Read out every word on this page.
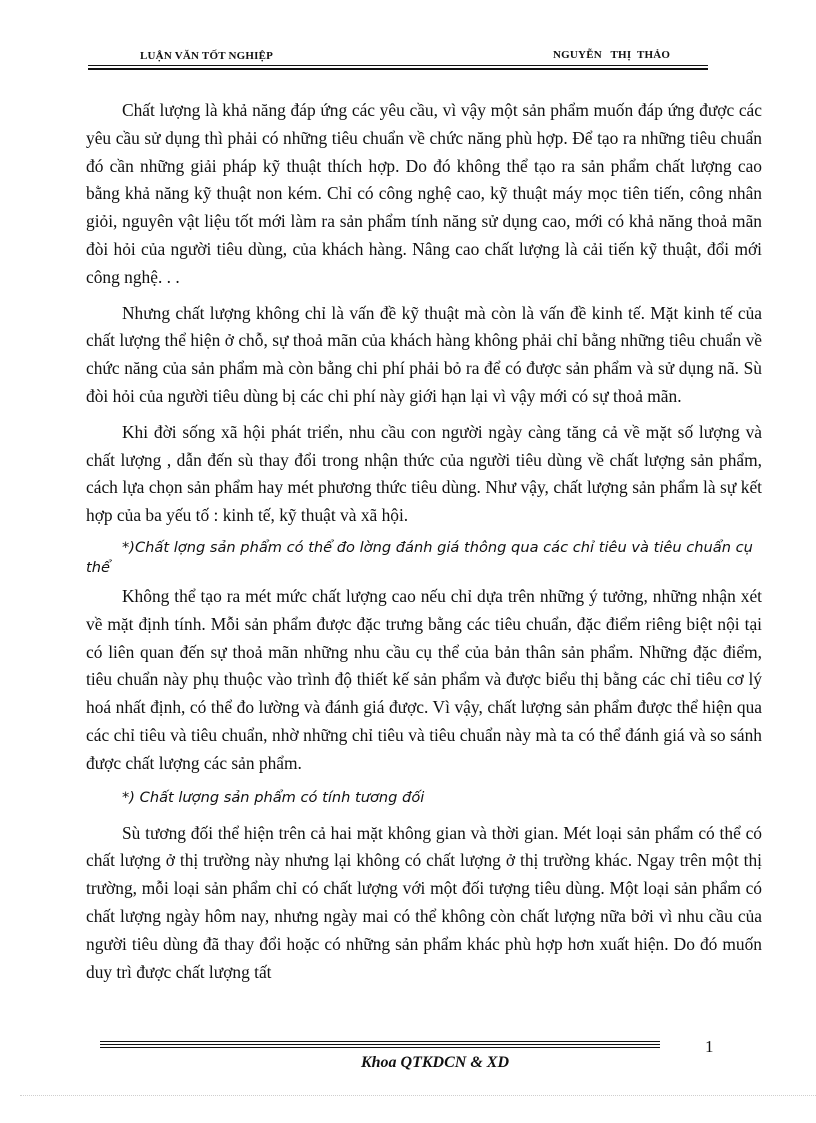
LUẬN VĂN TỐT NGHIỆP	NGUYỄN   THỊ  THẢO

Chất lượng là khả năng đáp ứng các yêu cầu, vì vậy một sản phẩm muốn đáp ứng được các yêu cầu sử dụng thì phải có những tiêu chuẩn về chức năng phù hợp. Để tạo ra những tiêu chuẩn đó cần những giải pháp kỹ thuật thích hợp. Do đó không thể tạo ra sản phẩm chất lượng cao bằng khả năng kỹ thuật non kém. Chỉ có công nghệ cao, kỹ thuật máy mọc tiên tiến, công nhân giỏi, nguyên vật liệu tốt mới làm ra sản phẩm tính năng sử dụng cao, mới có khả năng thoả mãn đòi hỏi của người tiêu dùng, của khách hàng. Nâng cao chất lượng là cải tiến kỹ thuật, đổi mới công nghệ. . .

Nhưng chất lượng không chỉ là vấn đề kỹ thuật mà còn là vấn đề kinh tế. Mặt kinh tế của chất lượng thể hiện ở chỗ, sự thoả mãn của khách hàng không phải chỉ bằng những tiêu chuẩn về chức năng của sản phẩm mà còn bằng chi phí phải bỏ ra để có được sản phẩm và sử dụng nã. Sù đòi hỏi của người tiêu dùng bị các chi phí này giới hạn lại vì vậy mới có sự thoả mãn.

Khi đời sống xã hội phát triển, nhu cầu con người ngày càng tăng cả về mặt số lượng và chất lượng , dẫn đến sù thay đổi trong nhận thức của người tiêu dùng về chất lượng sản phẩm, cách lựa chọn sản phẩm hay mét phương thức tiêu dùng. Như vậy, chất lượng sản phẩm là sự kết hợp của ba yếu tố : kinh tế, kỹ thuật và xã hội.

*)Chất lợng sản phẩm có thể đo lờng đánh giá thông qua các chỉ tiêu và tiêu chuẩn cụ thể

Không thể tạo ra mét mức chất lượng cao nếu chỉ dựa trên những ý tưởng, những nhận xét về mặt định tính. Mỗi sản phẩm được đặc trưng bằng các tiêu chuẩn, đặc điểm riêng biệt nội tại có liên quan đến sự thoả mãn những nhu cầu cụ thể của bản thân sản phẩm. Những đặc điểm, tiêu chuẩn này phụ thuộc vào trình độ thiết kế sản phẩm và được biểu thị bằng các chỉ tiêu cơ lý hoá nhất định, có thể đo lường và đánh giá được. Vì vậy, chất lượng sản phẩm được thể hiện qua các chỉ tiêu và tiêu chuẩn, nhờ những chỉ tiêu và tiêu chuẩn này mà ta có thể đánh giá và so sánh được chất lượng các sản phẩm.

*) Chất lượng sản phẩm có tính tương đối

Sù tương đối thể hiện trên cả hai mặt không gian và thời gian. Mét loại sản phẩm có thể có chất lượng ở thị trường này nhưng lại không có chất lượng ở thị trường khác. Ngay trên một thị trường, mỗi loại sản phẩm chỉ có chất lượng với một đối tượng tiêu dùng. Một loại sản phẩm có chất lượng ngày hôm nay, nhưng ngày mai có thể không còn chất lượng nữa bởi vì nhu cầu của người tiêu dùng đã thay đổi hoặc có những sản phẩm khác phù hợp hơn xuất hiện. Do đó muốn duy trì được chất lượng tất

1
Khoa QTKDCN & XD
